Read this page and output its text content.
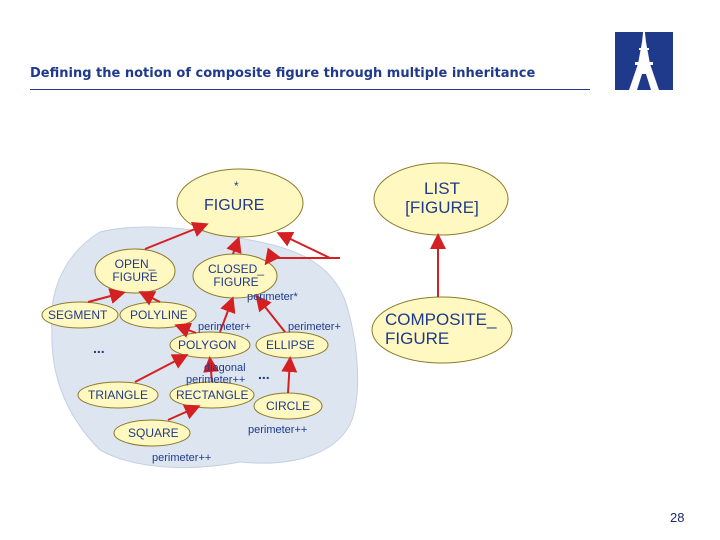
Defining the notion of composite figure through multiple inheritance
*
FIGURE
LIST
[FIGURE]
OPEN_
FIGURE
CLOSED_
FIGURE
SEGMENT POLYLINE
POLYGON ELLIPSE
TRIANGLE RECTANGLE
SQUARE
CIRCLE
COMPOSITE_
FIGURE
perimeter*
perimeter+	perimeter+
diagonal
perimeter++
perimeter++
perimeter++
...
...
28
